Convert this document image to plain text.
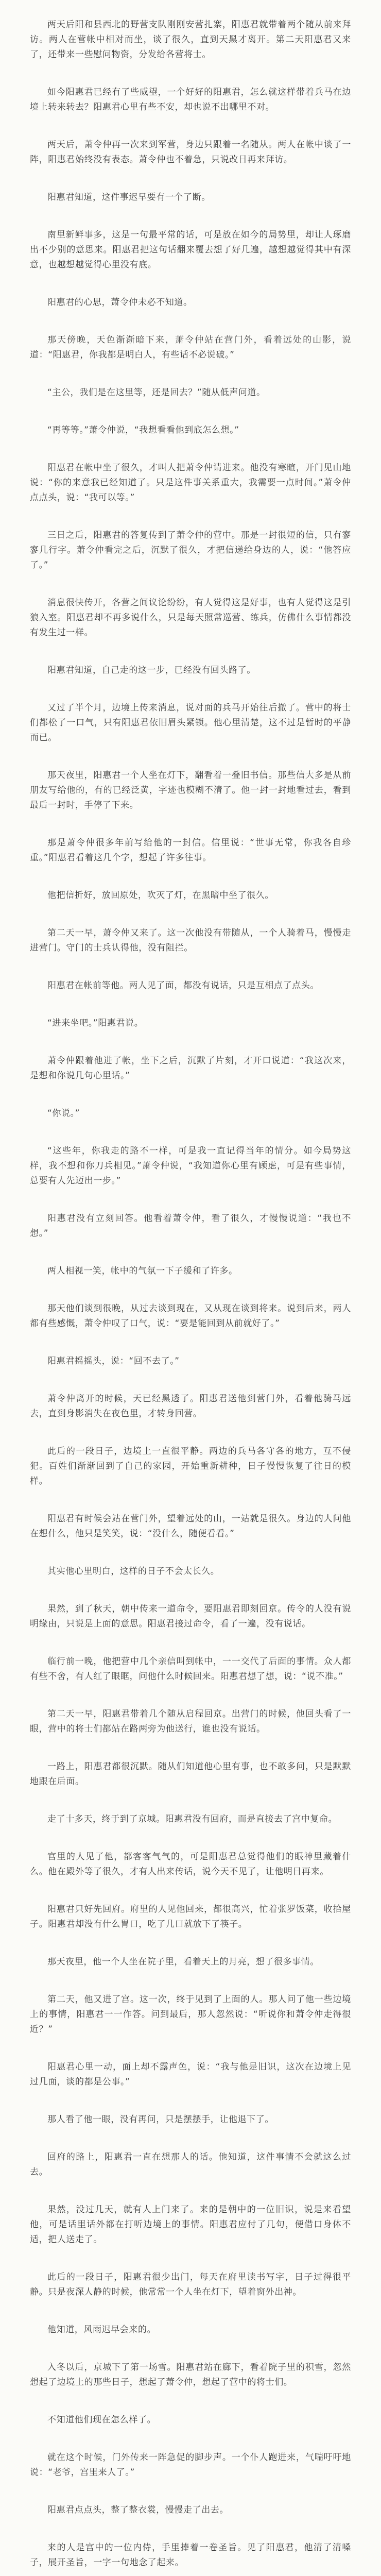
两天后阳和县西北的野营支队刚刚安营扎寨，阳惠君就带着两个随从前来拜访。两人在营帐中相对而坐，谈了很久，直到天黑才离开。第二天阳惠君又来了，还带来一些慰问物资，分发给各营将士。

如今阳惠君已经有了些威望，一个好好的阳惠君，怎么就这样带着兵马在边境上转来转去？阳惠君心里有些不安，却也说不出哪里不对。

两天后，萧令仲再一次来到军营，身边只跟着一名随从。两人在帐中谈了一阵，阳惠君始终没有表态。萧令仲也不着急，只说改日再来拜访。

阳惠君知道，这件事迟早要有一个了断。

南里新鲜事多，这是一句最平常的话，可是放在如今的局势里，却让人琢磨出不少别的意思来。阳惠君把这句话翻来覆去想了好几遍，越想越觉得其中有深意，也越想越觉得心里没有底。

阳惠君的心思，萧令仲未必不知道。

那天傍晚，天色渐渐暗下来，萧令仲站在营门外，看着远处的山影，说道：“阳惠君，你我都是明白人，有些话不必说破。”

“主公，我们是在这里等，还是回去？”随从低声问道。

“再等等。”萧令仲说，“我想看看他到底怎么想。”

阳惠君在帐中坐了很久，才叫人把萧令仲请进来。他没有寒暄，开门见山地说：“你的来意我已经知道了。只是这件事关系重大，我需要一点时间。”萧令仲点点头，说：“我可以等。”

三日之后，阳惠君的答复传到了萧令仲的营中。那是一封很短的信，只有寥寥几行字。萧令仲看完之后，沉默了很久，才把信递给身边的人，说：“他答应了。”

消息很快传开，各营之间议论纷纷，有人觉得这是好事，也有人觉得这是引狼入室。阳惠君却不再多说什么，只是每天照常巡营、练兵，仿佛什么事情都没有发生过一样。

阳惠君知道，自己走的这一步，已经没有回头路了。

又过了半个月，边境上传来消息，说对面的兵马开始往后撤了。营中的将士们都松了一口气，只有阳惠君依旧眉头紧锁。他心里清楚，这不过是暂时的平静而已。

那天夜里，阳惠君一个人坐在灯下，翻看着一叠旧书信。那些信大多是从前朋友写给他的，有的已经泛黄，字迹也模糊不清了。他一封一封地看过去，看到最后一封时，手停了下来。

那是萧令仲很多年前写给他的一封信。信里说：“世事无常，你我各自珍重。”阳惠君看着这几个字，想起了许多往事。

他把信折好，放回原处，吹灭了灯，在黑暗中坐了很久。

第二天一早，萧令仲又来了。这一次他没有带随从，一个人骑着马，慢慢走进营门。守门的士兵认得他，没有阻拦。

阳惠君在帐前等他。两人见了面，都没有说话，只是互相点了点头。

“进来坐吧。”阳惠君说。

萧令仲跟着他进了帐，坐下之后，沉默了片刻，才开口说道：“我这次来，是想和你说几句心里话。”

“你说。”

“这些年，你我走的路不一样，可是我一直记得当年的情分。如今局势这样，我不想和你刀兵相见。”萧令仲说，“我知道你心里有顾虑，可是有些事情，总要有人先迈出一步。”

阳惠君没有立刻回答。他看着萧令仲，看了很久，才慢慢说道：“我也不想。”

两人相视一笑，帐中的气氛一下子缓和了许多。

那天他们谈到很晚，从过去谈到现在，又从现在谈到将来。说到后来，两人都有些感慨，萧令仲叹了口气，说：“要是能回到从前就好了。”

阳惠君摇摇头，说：“回不去了。”

萧令仲离开的时候，天已经黑透了。阳惠君送他到营门外，看着他骑马远去，直到身影消失在夜色里，才转身回营。

此后的一段日子，边境上一直很平静。两边的兵马各守各的地方，互不侵犯。百姓们渐渐回到了自己的家园，开始重新耕种，日子慢慢恢复了往日的模样。

阳惠君有时候会站在营门外，望着远处的山，一站就是很久。身边的人问他在想什么，他只是笑笑，说：“没什么，随便看看。”

其实他心里明白，这样的日子不会太长久。

果然，到了秋天，朝中传来一道命令，要阳惠君即刻回京。传令的人没有说明缘由，只说是上面的意思。阳惠君接过命令，看了一遍，没有说话。

临行前一晚，他把营中几个亲信叫到帐中，一一交代了后面的事情。众人都有些不舍，有人红了眼眶，问他什么时候回来。阳惠君想了想，说：“说不准。”

第二天一早，阳惠君带着几个随从启程回京。出营门的时候，他回头看了一眼，营中的将士们都站在路两旁为他送行，谁也没有说话。

一路上，阳惠君都很沉默。随从们知道他心里有事，也不敢多问，只是默默地跟在后面。

走了十多天，终于到了京城。阳惠君没有回府，而是直接去了宫中复命。

宫里的人见了他，都客客气气的，可是阳惠君总觉得他们的眼神里藏着什么。他在殿外等了很久，才有人出来传话，说今天不见了，让他明日再来。

阳惠君只好先回府。府里的人见他回来，都很高兴，忙着张罗饭菜，收拾屋子。阳惠君却没有什么胃口，吃了几口就放下了筷子。

那天夜里，他一个人坐在院子里，看着天上的月亮，想了很多事情。

第二天，他又进了宫。这一次，终于见到了上面的人。那人问了他一些边境上的事情，阳惠君一一作答。问到最后，那人忽然说：“听说你和萧令仲走得很近？”

阳惠君心里一动，面上却不露声色，说：“我与他是旧识，这次在边境上见过几面，谈的都是公事。”

那人看了他一眼，没有再问，只是摆摆手，让他退下了。

回府的路上，阳惠君一直在想那人的话。他知道，这件事情不会就这么过去。

果然，没过几天，就有人上门来了。来的是朝中的一位旧识，说是来看望他，可是话里话外都在打听边境上的事情。阳惠君应付了几句，便借口身体不适，把人送走了。

此后的一段日子，阳惠君很少出门，每天在府里读书写字，日子过得很平静。只是夜深人静的时候，他常常一个人坐在灯下，望着窗外出神。

他知道，风雨迟早会来的。

入冬以后，京城下了第一场雪。阳惠君站在廊下，看着院子里的积雪，忽然想起了边境上的那些日子，想起了萧令仲，想起了营中的将士们。

不知道他们现在怎么样了。

就在这个时候，门外传来一阵急促的脚步声。一个仆人跑进来，气喘吁吁地说：“老爷，宫里来人了。”

阳惠君点点头，整了整衣裳，慢慢走了出去。

来的人是宫中的一位内侍，手里捧着一卷圣旨。见了阳惠君，他清了清嗓子，展开圣旨，一字一句地念了起来。
